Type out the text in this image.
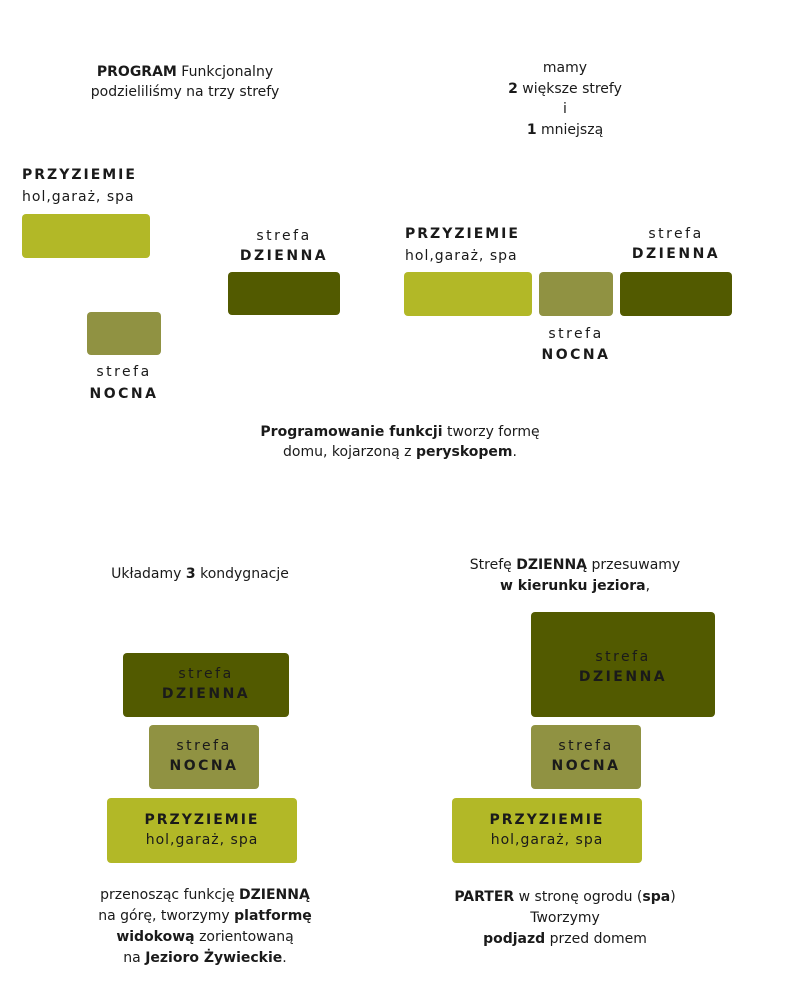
PROGRAM Funkcjonalny
podzieliliśmy na trzy strefy
mamy
2 większe strefy
i
1 mniejszą
PRZYZIEMIE
hol,garaż, spa
strefa
DZIENNA
strefa
NOCNA
PRZYZIEMIE
hol,garaż, spa
strefa
DZIENNA
strefa
NOCNA
Programowanie funkcji tworzy formę
domu, kojarzoną z peryskopem.
Układamy 3 kondygnacje
strefa
DZIENNA
strefa
NOCNA
PRZYZIEMIE
hol,garaż, spa
przenosząc funkcję DZIENNĄ
na górę, tworzymy platformę
widokową zorientowaną
na Jezioro Żywieckie.
Strefę DZIENNĄ przesuwamy
w kierunku jeziora,
strefa
DZIENNA
strefa
NOCNA
PRZYZIEMIE
hol,garaż, spa
PARTER w stronę ogrodu (spa)
Tworzymy
podjazd przed domem
